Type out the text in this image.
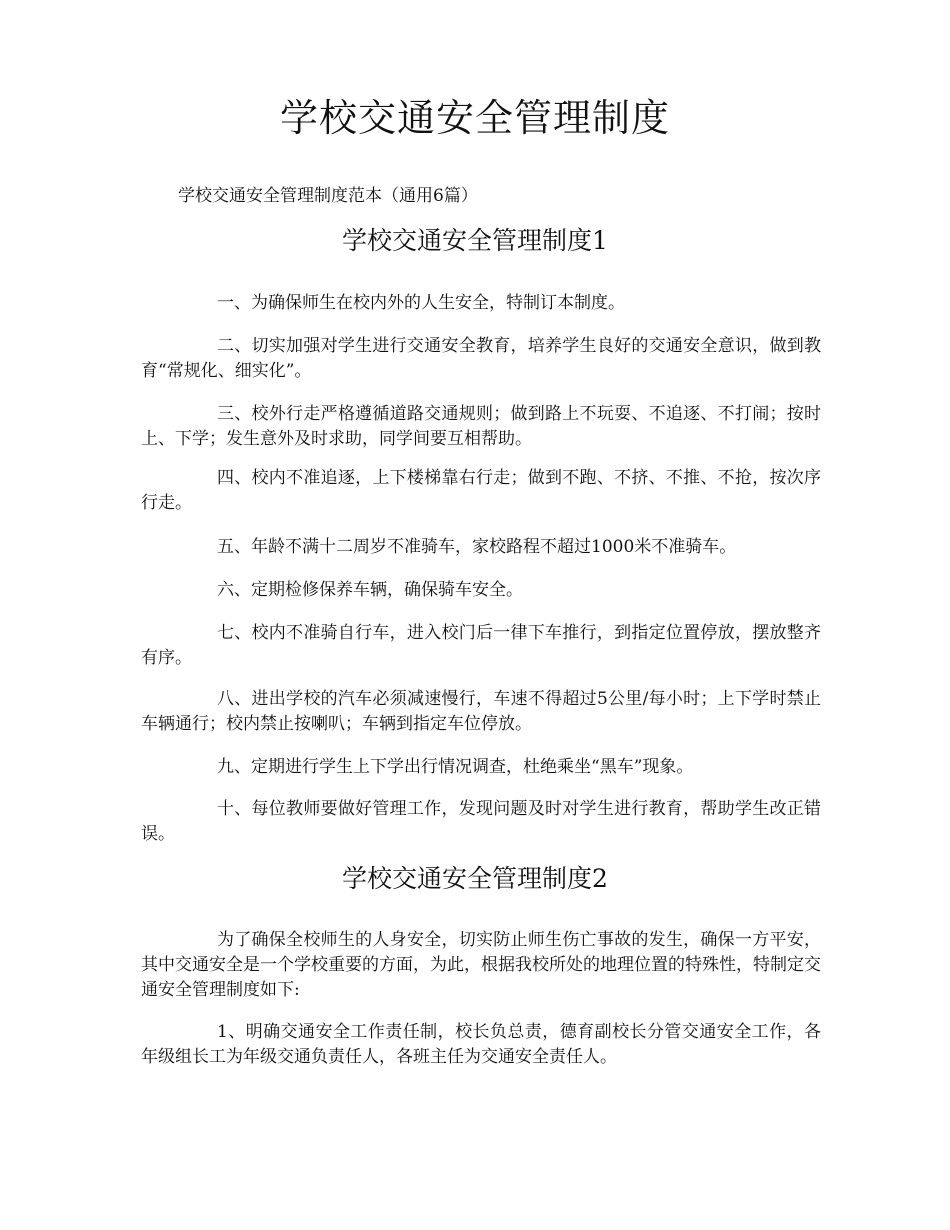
学校交通安全管理制度

学校交通安全管理制度范本（通用6篇）

学校交通安全管理制度1

一、为确保师生在校内外的人生安全，特制订本制度。

二、切实加强对学生进行交通安全教育，培养学生良好的交通安全意识，做到教育“常规化、细实化”。

三、校外行走严格遵循道路交通规则；做到路上不玩耍、不追逐、不打闹；按时上、下学；发生意外及时求助，同学间要互相帮助。

四、校内不准追逐，上下楼梯靠右行走；做到不跑、不挤、不推、不抢，按次序行走。

五、年龄不满十二周岁不准骑车，家校路程不超过1000米不准骑车。

六、定期检修保养车辆，确保骑车安全。

七、校内不准骑自行车，进入校门后一律下车推行，到指定位置停放，摆放整齐有序。

八、进出学校的汽车必须减速慢行，车速不得超过5公里/每小时；上下学时禁止车辆通行；校内禁止按喇叭；车辆到指定车位停放。

九、定期进行学生上下学出行情况调查，杜绝乘坐“黑车”现象。

十、每位教师要做好管理工作，发现问题及时对学生进行教育，帮助学生改正错误。

学校交通安全管理制度2

为了确保全校师生的人身安全，切实防止师生伤亡事故的发生，确保一方平安，其中交通安全是一个学校重要的方面，为此，根据我校所处的地理位置的特殊性，特制定交通安全管理制度如下:

1、明确交通安全工作责任制，校长负总责，德育副校长分管交通安全工作，各年级组长工为年级交通负责任人，各班主任为交通安全责任人。
